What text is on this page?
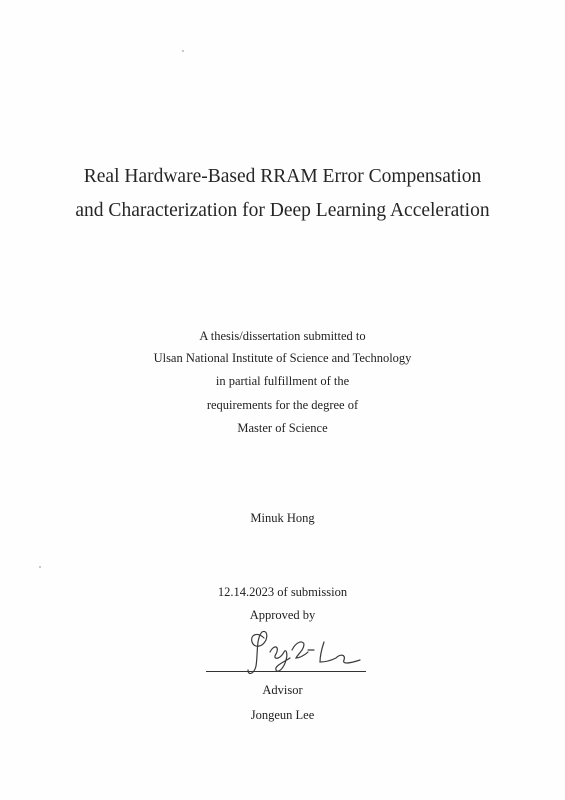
Real Hardware-Based RRAM Error Compensation
and Characterization for Deep Learning Acceleration
A thesis/dissertation submitted to
Ulsan National Institute of Science and Technology
in partial fulfillment of the
requirements for the degree of
Master of Science
Minuk Hong
12.14.2023 of submission
Approved by
Advisor
Jongeun Lee
